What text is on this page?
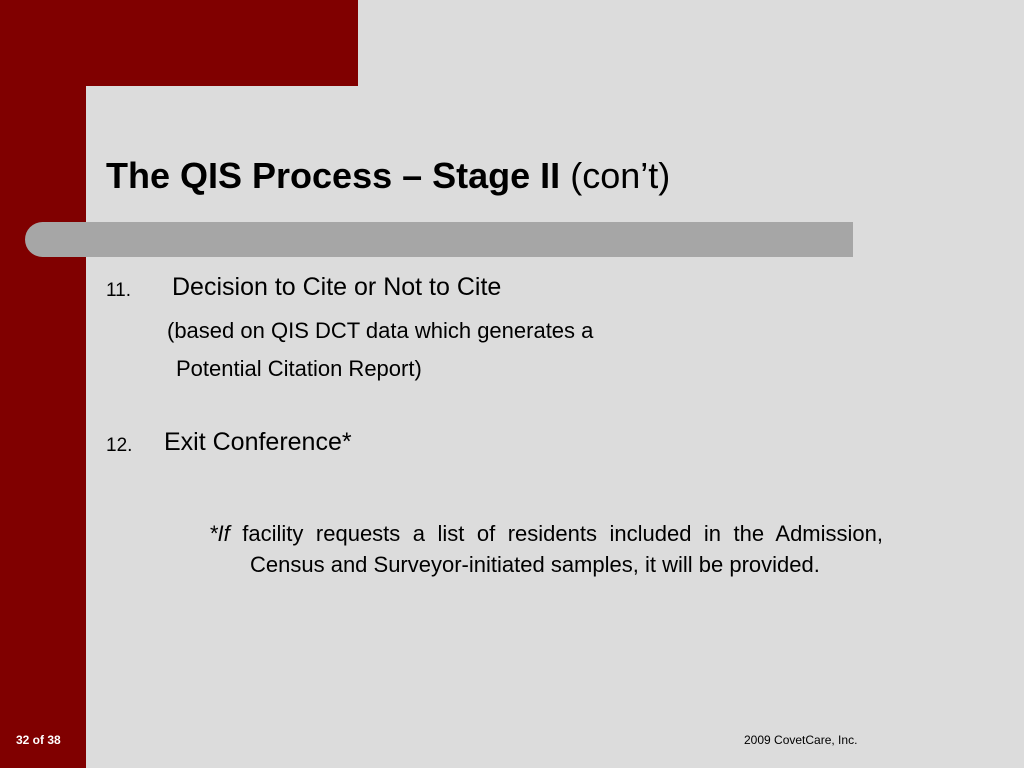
The QIS Process – Stage II (con’t)
11. Decision to Cite or Not to Cite
(based on QIS DCT data which generates a
Potential Citation Report)
12. Exit Conference*

*If facility requests a list of residents included in the Admission, Census and Surveyor-initiated samples, it will be provided.

32 of 38	2009 CovetCare, Inc.
